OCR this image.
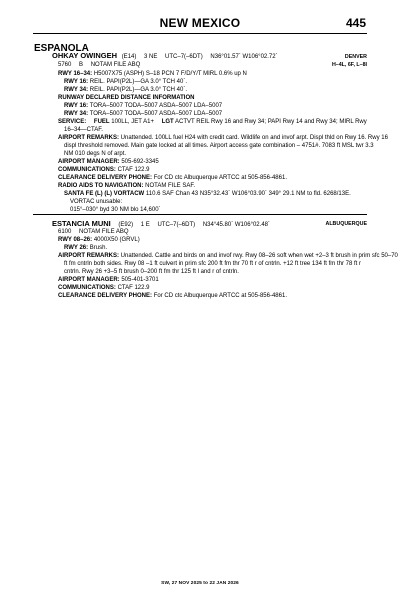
NEW MEXICO	445
ESPANOLA
OHKAY OWINGEH (E14) 3 NE UTC–7(–6DT) N36°01.57´ W106°02.72´	DENVER
5760 B NOTAM FILE ABQ	H–4L, 6F, L–8I
RWY 16–34: H5007X75 (ASPH) S–18 PCN 7 F/D/Y/T MIRL 0.6% up N
RWY 16: REIL. PAPI(P2L)—GA 3.0° TCH 40´.
RWY 34: REIL. PAPI(P2L)—GA 3.0° TCH 40´.
RUNWAY DECLARED DISTANCE INFORMATION
RWY 16: TORA–5007 TODA–5007 ASDA–5007 LDA–5007
RWY 34: TORA–5007 TODA–5007 ASDA–5007 LDA–5007
SERVICE: FUEL 100LL, JET A1+ LGT ACTVT REIL Rwy 16 and Rwy 34; PAPI Rwy 14 and Rwy 34; MIRL Rwy
16–34—CTAF.
AIRPORT REMARKS: Unattended. 100LL fuel H24 with credit card. Wildlife on and invof arpt. Displ thld on Rwy 16. Rwy 16
displ threshold removed. Main gate locked at all times. Airport access gate combination – 4751#. 7083 ft MSL twr 3.3
NM 010 degs N of arpt.
AIRPORT MANAGER: 505-692-3345
COMMUNICATIONS: CTAF 122.9
CLEARANCE DELIVERY PHONE: For CD ctc Albuquerque ARTCC at 505-856-4861.
RADIO AIDS TO NAVIGATION: NOTAM FILE SAF.
SANTA FE (L) (L) VORTACW 110.6 SAF Chan 43 N35°32.43´ W106°03.90´ 349° 29.1 NM to fld. 6268/13E.
VORTAC unusable:
015°–030° byd 30 NM blo 14,600´
ESTANCIA MUNI (E92) 1 E UTC–7(–6DT) N34°45.80´ W106°02.48´	ALBUQUERQUE
6100 NOTAM FILE ABQ
RWY 08–26: 4000X50 (GRVL)
RWY 26: Brush.
AIRPORT REMARKS: Unattended. Cattle and birds on and invof rwy. Rwy 08–26 soft when wet +2–3 ft brush in prim sfc 50–70
ft fm cntrln both sides. Rwy 08 –1 ft culvert in prim sfc 200 ft fm thr 70 ft r of cntrln. +12 ft tree 134 ft fm thr 78 ft r
cntrln. Rwy 26 +3–5 ft brush 0–200 ft fm thr 125 ft l and r of cntrln.
AIRPORT MANAGER: 505-401-3701
COMMUNICATIONS: CTAF 122.9
CLEARANCE DELIVERY PHONE: For CD ctc Albuquerque ARTCC at 505-856-4861.
SW, 27 NOV 2025 to 22 JAN 2026
